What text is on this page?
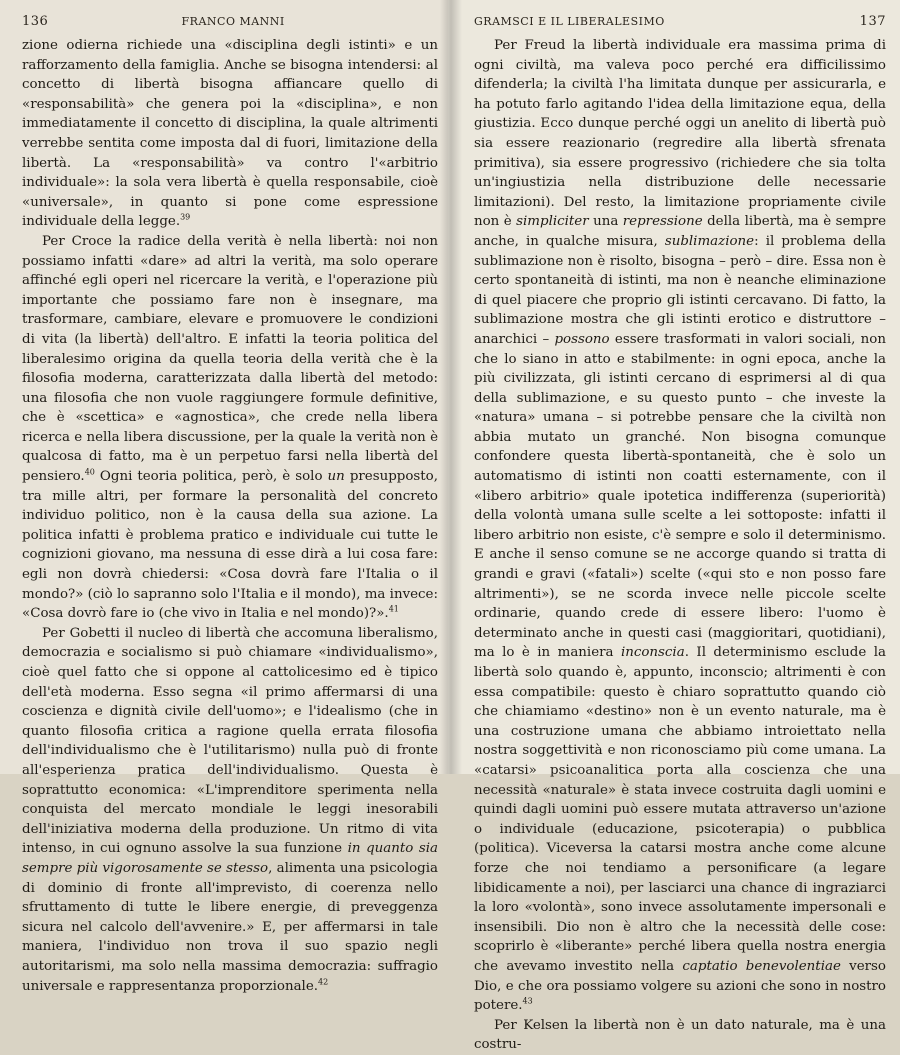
136	FRANCO MANNI

zione odierna richiede una «disciplina degli istinti» e un rafforzamento della famiglia. Anche se bisogna intendersi: al concetto di libertà bisogna affiancare quello di «responsabilità» che genera poi la «disciplina», e non immediatamente il concetto di disciplina, la quale altrimenti verrebbe sentita come imposta dal di fuori, limitazione della libertà. La «responsabilità» va contro l'«arbitrio individuale»: la sola vera libertà è quella responsabile, cioè «universale», in quanto si pone come espressione individuale della legge.$^{39}$

Per Croce la radice della verità è nella libertà: noi non possiamo infatti «dare» ad altri la verità, ma solo operare affinché egli operi nel ricercare la verità, e l'operazione più importante che possiamo fare non è insegnare, ma trasformare, cambiare, elevare e promuovere le condizioni di vita (la libertà) dell'altro. E infatti la teoria politica del liberalesimo origina da quella teoria della verità che è la filosofia moderna, caratterizzata dalla libertà del metodo: una filosofia che non vuole raggiungere formule definitive, che è «scettica» e «agnostica», che crede nella libera ricerca e nella libera discussione, per la quale la verità non è qualcosa di fatto, ma è un perpetuo farsi nella libertà del pensiero.$^{40}$ Ogni teoria politica, però, è solo un presupposto, tra mille altri, per formare la personalità del concreto individuo politico, non è la causa della sua azione. La politica infatti è problema pratico e individuale cui tutte le cognizioni giovano, ma nessuna di esse dirà a lui cosa fare: egli non dovrà chiedersi: «Cosa dovrà fare l'Italia o il mondo?» (ciò lo sapranno solo l'Italia e il mondo), ma invece: «Cosa dovrò fare io (che vivo in Italia e nel mondo)?».$^{41}$

Per Gobetti il nucleo di libertà che accomuna liberalismo, democrazia e socialismo si può chiamare «individualismo», cioè quel fatto che si oppone al cattolicesimo ed è tipico dell'età moderna. Esso segna «il primo affermarsi di una coscienza e dignità civile dell'uomo»; e l'idealismo (che in quanto filosofia critica a ragione quella errata filosofia dell'individualismo che è l'utilitarismo) nulla può di fronte all'esperienza pratica dell'individualismo. Questa è soprattutto economica: «L'imprenditore sperimenta nella conquista del mercato mondiale le leggi inesorabili dell'iniziativa moderna della produzione. Un ritmo di vita intenso, in cui ognuno assolve la sua funzione in quanto sia sempre più vigorosamente se stesso, alimenta una psicologia di dominio di fronte all'imprevisto, di coerenza nello sfruttamento di tutte le libere energie, di preveggenza sicura nel calcolo dell'avvenire.» E, per affermarsi in tale maniera, l'individuo non trova il suo spazio negli autoritarismi, ma solo nella massima democrazia: suffragio universale e rappresentanza proporzionale.$^{42}$

GRAMSCI E IL LIBERALESIMO	137

Per Freud la libertà individuale era massima prima di ogni civiltà, ma valeva poco perché era difficilissimo difenderla; la civiltà l'ha limitata dunque per assicurarla, e ha potuto farlo agitando l'idea della limitazione equa, della giustizia. Ecco dunque perché oggi un anelito di libertà può sia essere reazionario (regredire alla libertà sfrenata primitiva), sia essere progressivo (richiedere che sia tolta un'ingiustizia nella distribuzione delle necessarie limitazioni). Del resto, la limitazione propriamente civile non è simpliciter una repressione della libertà, ma è sempre anche, in qualche misura, sublimazione: il problema della sublimazione non è risolto, bisogna – però – dire. Essa non è certo spontaneità di istinti, ma non è neanche eliminazione di quel piacere che proprio gli istinti cercavano. Di fatto, la sublimazione mostra che gli istinti erotico e distruttore – anarchici – possono essere trasformati in valori sociali, non che lo siano in atto e stabilmente: in ogni epoca, anche la più civilizzata, gli istinti cercano di esprimersi al di qua della sublimazione, e su questo punto – che investe la «natura» umana – si potrebbe pensare che la civiltà non abbia mutato un granché. Non bisogna comunque confondere questa libertà-spontaneità, che è solo un automatismo di istinti non coatti esternamente, con il «libero arbitrio» quale ipotetica indifferenza (superiorità) della volontà umana sulle scelte a lei sottoposte: infatti il libero arbitrio non esiste, c'è sempre e solo il determinismo. E anche il senso comune se ne accorge quando si tratta di grandi e gravi («fatali») scelte («qui sto e non posso fare altrimenti»), se ne scorda invece nelle piccole scelte ordinarie, quando crede di essere libero: l'uomo è determinato anche in questi casi (maggioritari, quotidiani), ma lo è in maniera inconscia. Il determinismo esclude la libertà solo quando è, appunto, inconscio; altrimenti è con essa compatibile: questo è chiaro soprattutto quando ciò che chiamiamo «destino» non è un evento naturale, ma è una costruzione umana che abbiamo introiettato nella nostra soggettività e non riconosciamo più come umana. La «catarsi» psicoanalitica porta alla coscienza che una necessità «naturale» è stata invece costruita dagli uomini e quindi dagli uomini può essere mutata attraverso un'azione o individuale (educazione, psicoterapia) o pubblica (politica). Viceversa la catarsi mostra anche come alcune forze che noi tendiamo a personificare (a legare libidicamente a noi), per lasciarci una chance di ingraziarci la loro «volontà», sono invece assolutamente impersonali e insensibili. Dio non è altro che la necessità delle cose: scoprirlo è «liberante» perché libera quella nostra energia che avevamo investito nella captatio benevolentiae verso Dio, e che ora possiamo volgere su azioni che sono in nostro potere.$^{43}$

Per Kelsen la libertà non è un dato naturale, ma è una costru-
